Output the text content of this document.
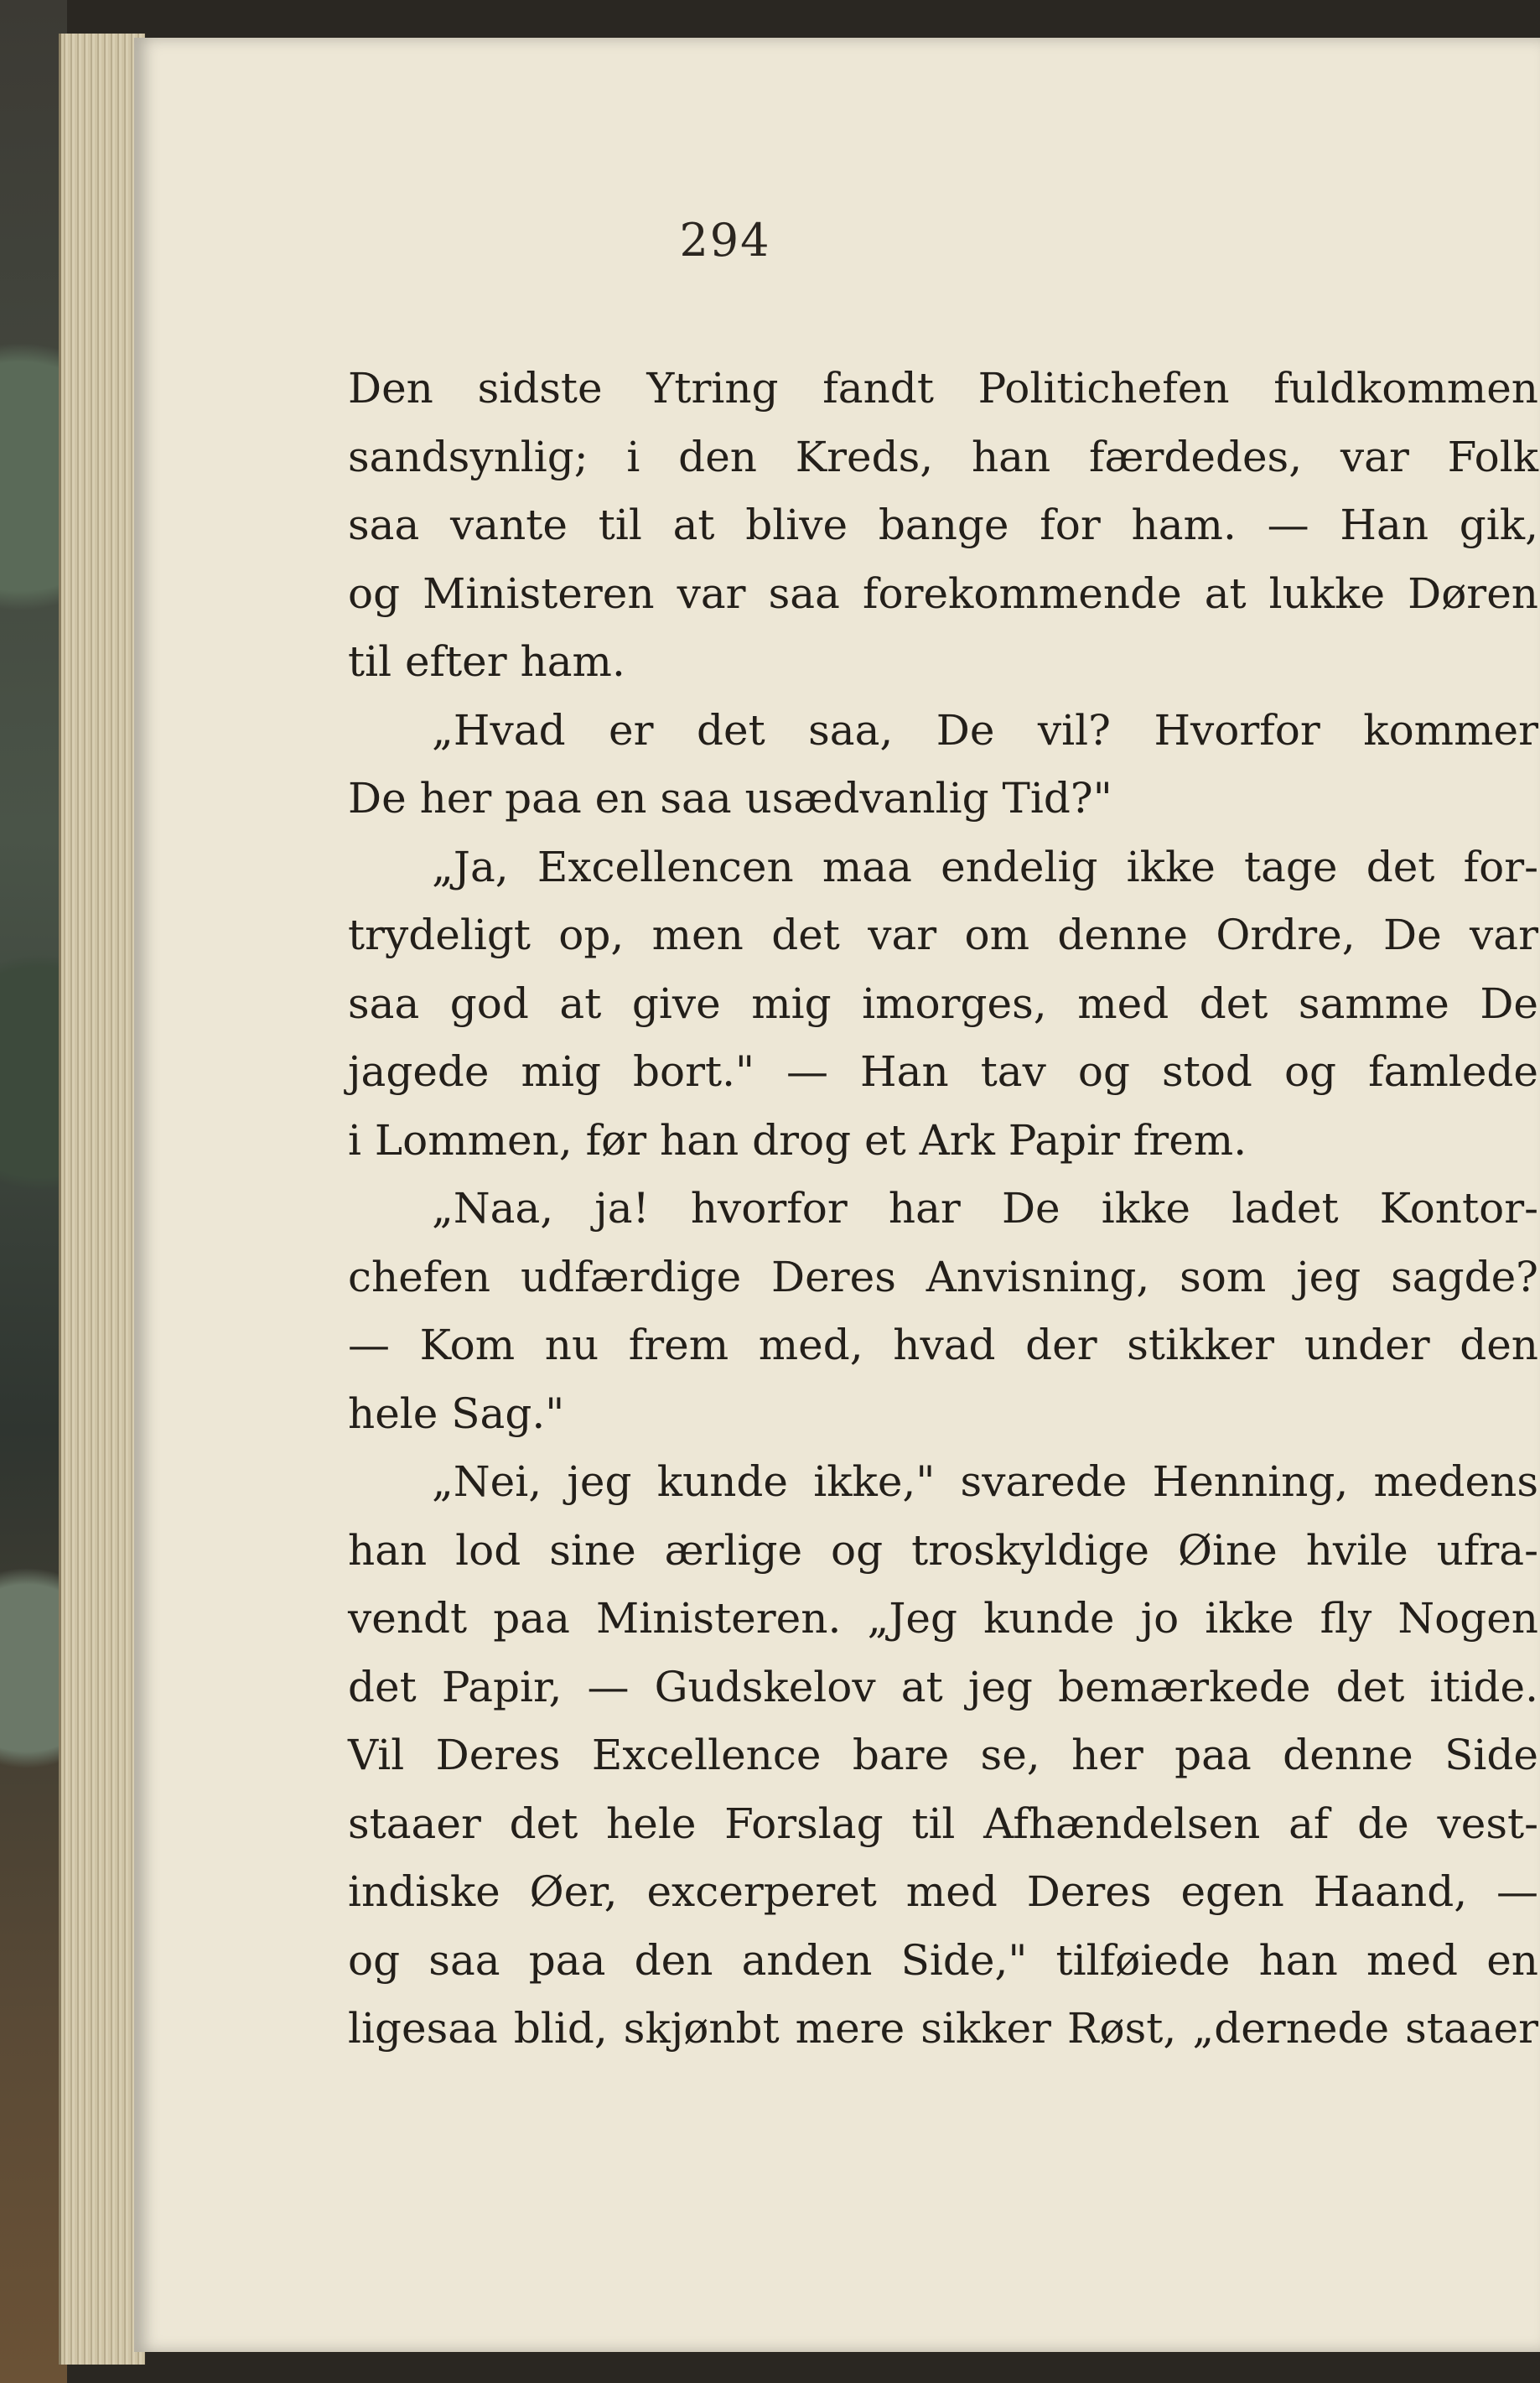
294
Den sidste Ytring fandt Politichefen fuldkommen
sandsynlig; i den Kreds, han færdedes, var Folk
saa vante til at blive bange for ham. — Han gik,
og Ministeren var saa forekommende at lukke Døren
til efter ham.
„Hvad er det saa, De vil? Hvorfor kommer
De her paa en saa usædvanlig Tid?"
„Ja, Excellencen maa endelig ikke tage det for-
trydeligt op, men det var om denne Ordre, De var
saa god at give mig imorges, med det samme De
jagede mig bort." — Han tav og stod og famlede
i Lommen, før han drog et Ark Papir frem.
„Naa, ja! hvorfor har De ikke ladet Kontor-
chefen udfærdige Deres Anvisning, som jeg sagde?
— Kom nu frem med, hvad der stikker under den
hele Sag."
„Nei, jeg kunde ikke," svarede Henning, medens
han lod sine ærlige og troskyldige Øine hvile ufra-
vendt paa Ministeren. „Jeg kunde jo ikke fly Nogen
det Papir, — Gudskelov at jeg bemærkede det itide.
Vil Deres Excellence bare se, her paa denne Side
staaer det hele Forslag til Afhændelsen af de vest-
indiske Øer, excerperet med Deres egen Haand, —
og saa paa den anden Side," tilføiede han med en
ligesaa blid, skjønbt mere sikker Røst, „dernede staaer
